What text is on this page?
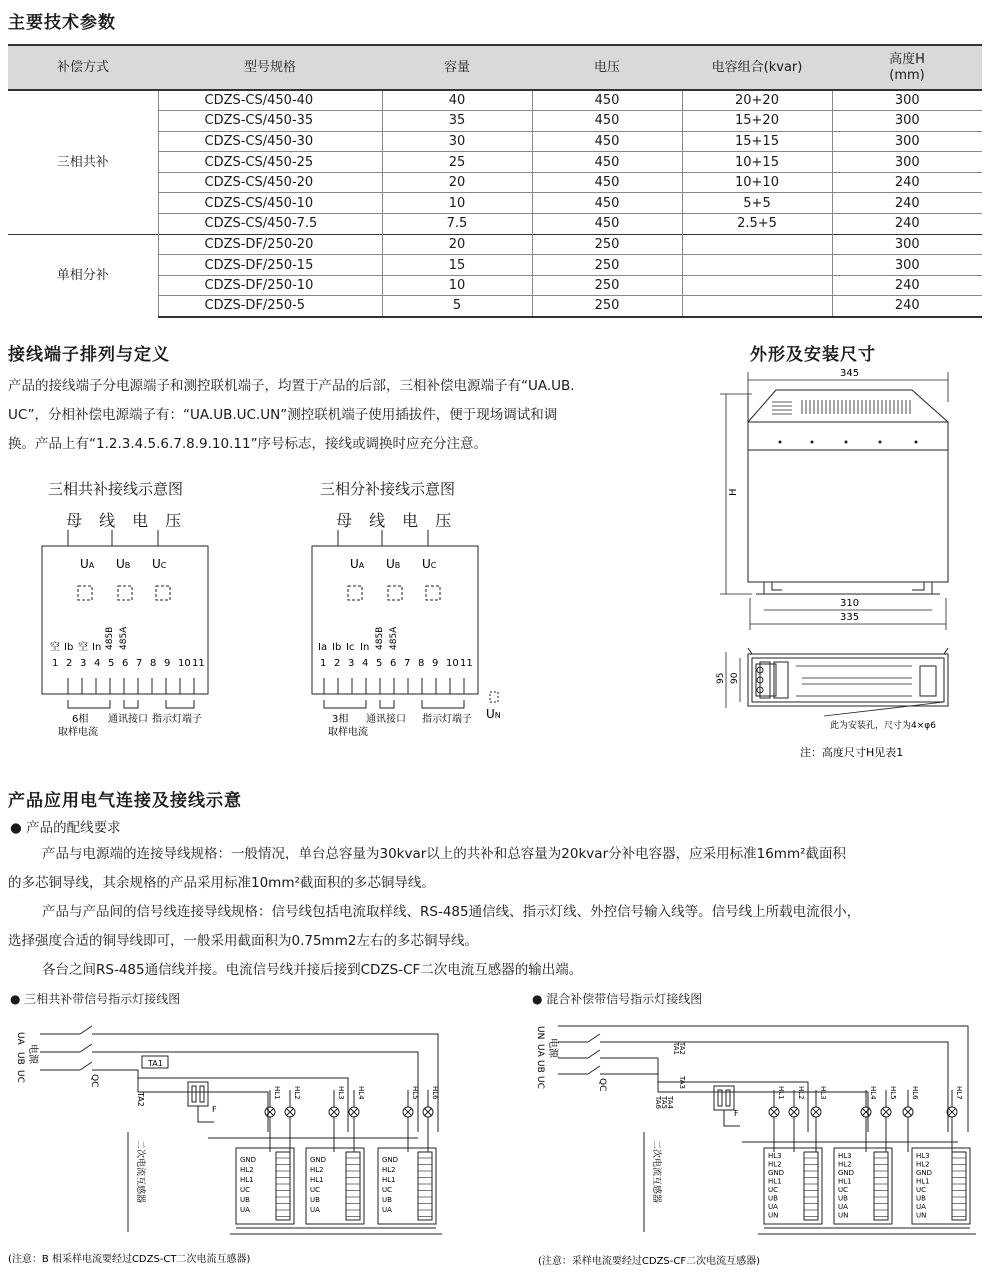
主要技术参数
补偿方式	型号规格	容量	电压	电容组合(kvar)	高度H
(mm)
三相共补	CDZS-CS/450-40	40	450	20+20	300
	CDZS-CS/450-35	35	450	15+20	300
	CDZS-CS/450-30	30	450	15+15	300
	CDZS-CS/450-25	25	450	10+15	300
	CDZS-CS/450-20	20	450	10+10	240
	CDZS-CS/450-10	10	450	5+5	240
	CDZS-CS/450-7.5	7.5	450	2.5+5	240
单相分补	CDZS-DF/250-20	20	250		300
	CDZS-DF/250-15	15	250		300
	CDZS-DF/250-10	10	250		240
	CDZS-DF/250-5	5	250		240
接线端子排列与定义
产品的接线端子分电源端子和测控联机端子，均置于产品的后部，三相补偿电源端子有“UA.UB.
UC”，分相补偿电源端子有：“UA.UB.UC.UN”测控联机端子使用插拔件，便于现场调试和调
换。产品上有“1.2.3.4.5.6.7.8.9.10.11”序号标志，接线或调换时应充分注意。
三相共补接线示意图
母 线 电 压
UA UB UC
空 Ib 空 In 485B 485A
1 2 3 4 5 6 7 8 9 10 11
6相
取样电流
通讯接口 指示灯端子
三相分补接线示意图
母 线 电 压
UA UB UC
Ia Ib Ic In 485B 485A
1 2 3 4 5 6 7 8 9 10 11
3相
取样电流
通讯接口 指示灯端子 UN
外形及安装尺寸
345
H
310
335
95 90
此为安装孔，尺寸为4×φ6
注：高度尺寸H见表1
产品应用电气连接及接线示意
● 产品的配线要求
产品与电源端的连接导线规格：一般情况，单台总容量为30kvar以上的共补和总容量为20kvar分补电容器，应采用标准16mm²截面积
的多芯铜导线，其余规格的产品采用标准10mm²截面积的多芯铜导线。
产品与产品间的信号线连接导线规格：信号线包括电流取样线、RS-485通信线、指示灯线、外控信号输入线等。信号线上所载电流很小，
选择强度合适的铜导线即可，一般采用截面积为0.75mm2左右的多芯铜导线。
各台之间RS-485通信线并接。电流信号线并接后接到CDZS-CF二次电流互感器的输出端。
● 三相共补带信号指示灯接线图
UA
UB
UC
电源	TA1
TA2
QC
F
二次电流互感器
HL1 HL2	HL3 HL4	HL5 HL6
GND
HL2
HL1
UC
UB
UA
GND
HL2
HL1
UC
UB
UA
GND
HL2
HL1
UC
UB
UA
(注意：B 相采样电流要经过CDZS-CT二次电流互感器)
● 混合补偿带信号指示灯接线图
UN
UA
UB
UC
电源
QC
TA1
TA2
TA3
TA4
TA5
TA6
F
二次电流互感器
HL1 HL2 HL3	HL4 HL5 HL6	HL7
HL3
HL2
GND
HL1
UC
UB
UA
UN
HL3
HL2
GND
HL1
UC
UB
UA
UN
HL3
HL2
GND
HL1
UC
UB
UA
UN
(注意：采样电流要经过CDZS-CF二次电流互感器)
